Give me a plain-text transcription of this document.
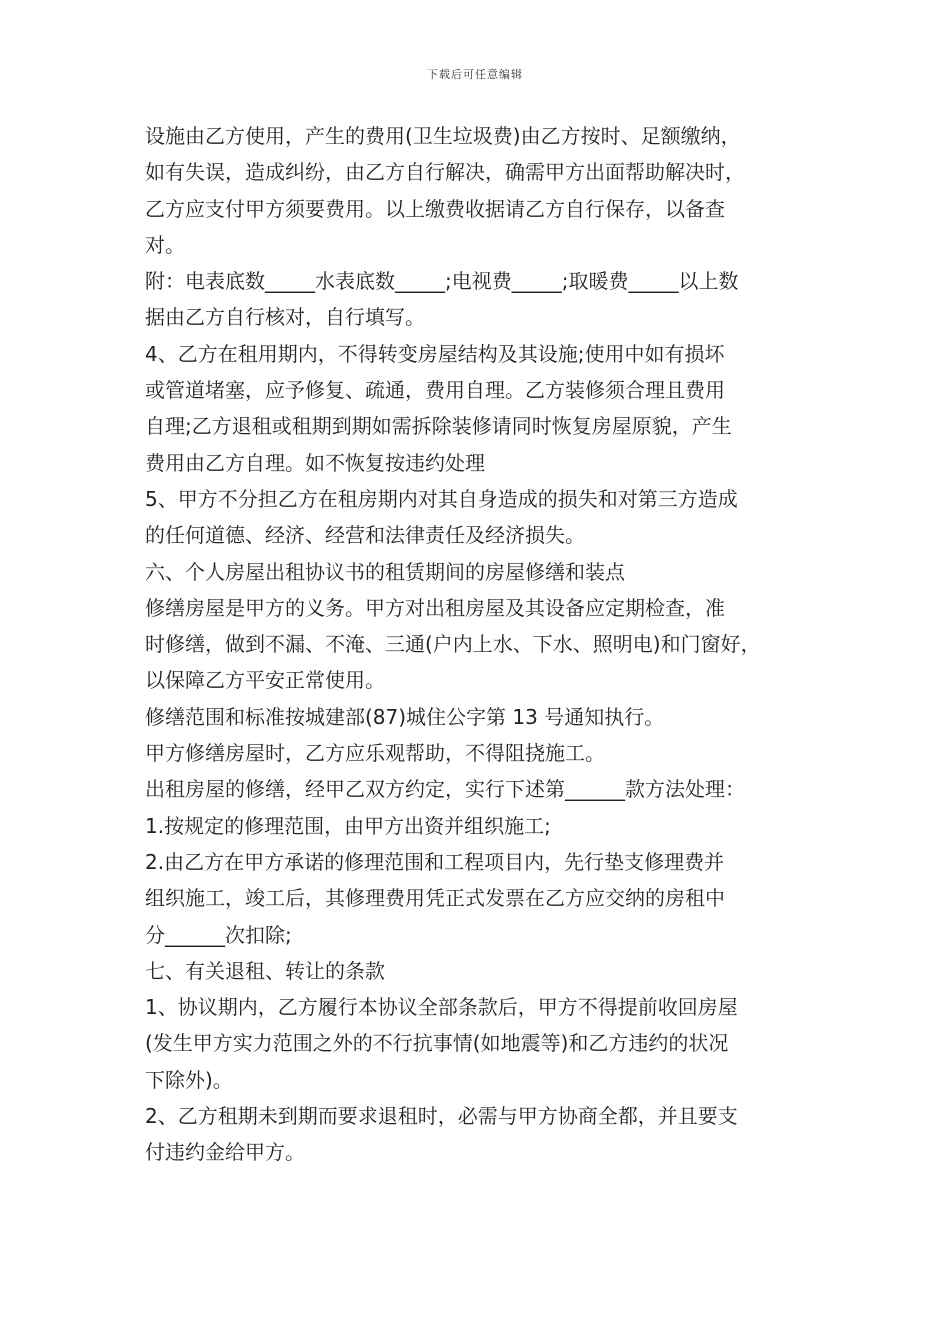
下载后可任意编辑
设施由乙方使用，产生的费用(卫生垃圾费)由乙方按时、足额缴纳，
如有失误，造成纠纷，由乙方自行解决，确需甲方出面帮助解决时，
乙方应支付甲方须要费用。以上缴费收据请乙方自行保存，以备查
对。
附：电表底数_____水表底数_____;电视费_____;取暖费_____以上数
据由乙方自行核对，自行填写。
4、乙方在租用期内，不得转变房屋结构及其设施;使用中如有损坏
或管道堵塞，应予修复、疏通，费用自理。乙方装修须合理且费用
自理;乙方退租或租期到期如需拆除装修请同时恢复房屋原貌，产生
费用由乙方自理。如不恢复按违约处理
5、甲方不分担乙方在租房期内对其自身造成的损失和对第三方造成
的任何道德、经济、经营和法律责任及经济损失。
六、个人房屋出租协议书的租赁期间的房屋修缮和装点
修缮房屋是甲方的义务。甲方对出租房屋及其设备应定期检查，准
时修缮，做到不漏、不淹、三通(户内上水、下水、照明电)和门窗好，
以保障乙方平安正常使用。
修缮范围和标准按城建部(87)城住公字第 13 号通知执行。
甲方修缮房屋时，乙方应乐观帮助，不得阻挠施工。
出租房屋的修缮，经甲乙双方约定，实行下述第______款方法处理：
1.按规定的修理范围，由甲方出资并组织施工;
2.由乙方在甲方承诺的修理范围和工程项目内，先行垫支修理费并
组织施工，竣工后，其修理费用凭正式发票在乙方应交纳的房租中
分______次扣除;
七、有关退租、转让的条款
1、协议期内，乙方履行本协议全部条款后，甲方不得提前收回房屋
(发生甲方实力范围之外的不行抗事情(如地震等)和乙方违约的状况
下除外)。
2、乙方租期未到期而要求退租时，必需与甲方协商全都，并且要支
付违约金给甲方。
